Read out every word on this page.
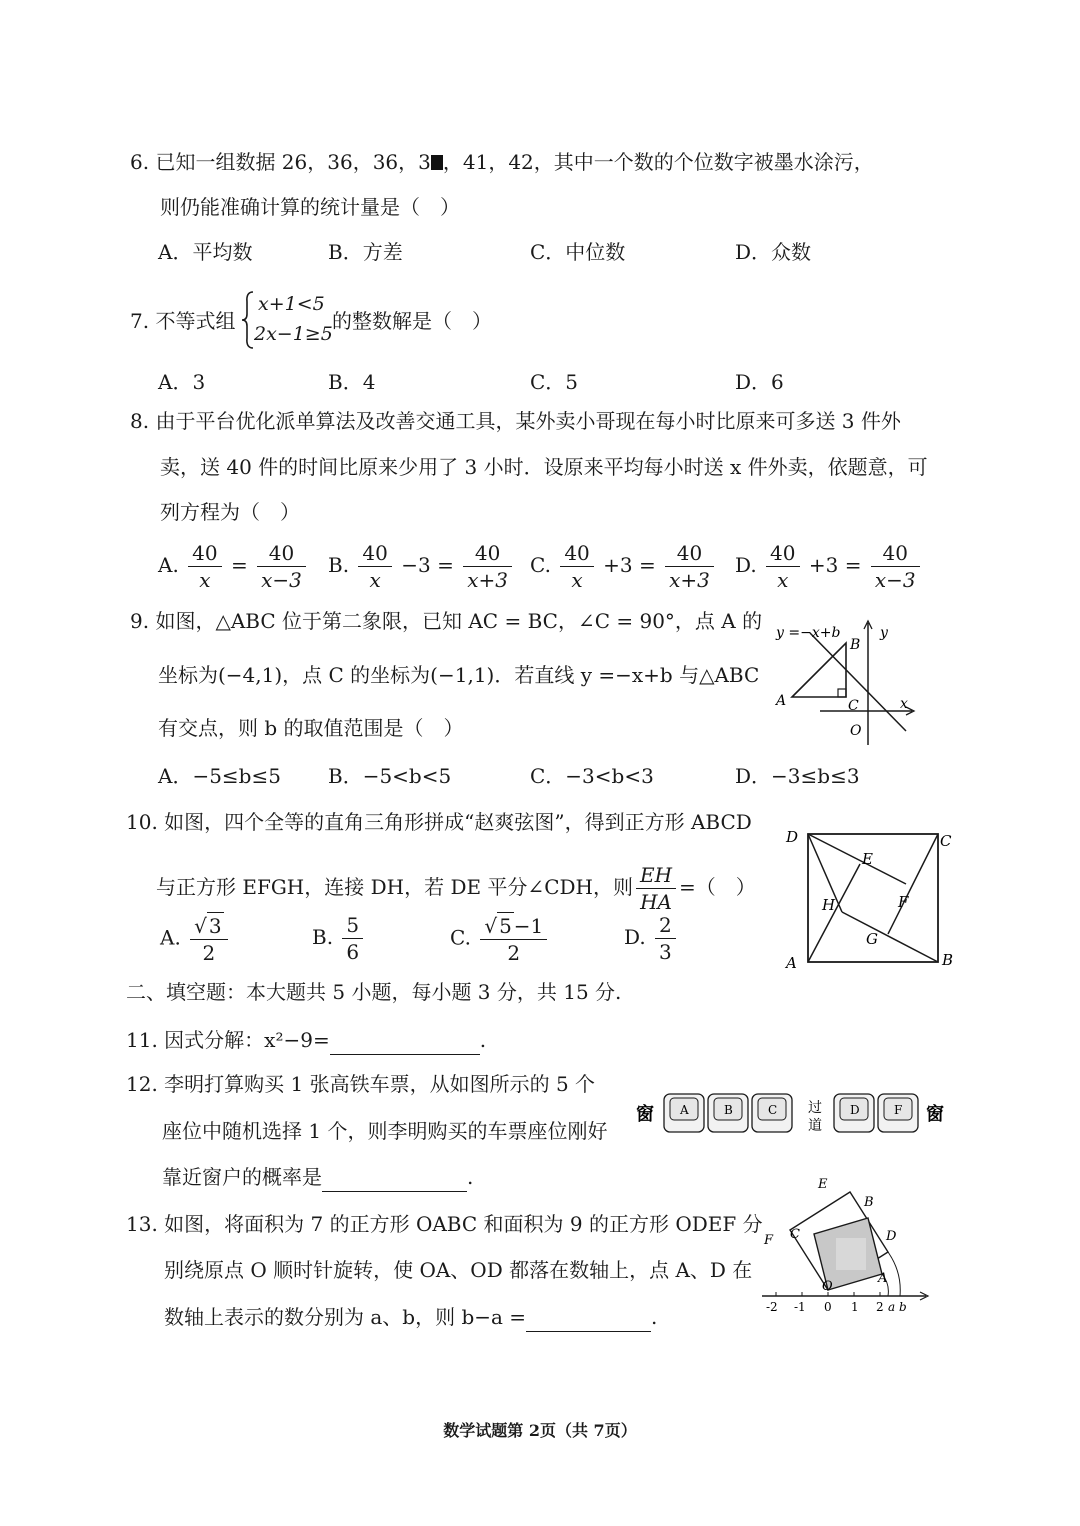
6. 已知一组数据 26，36，36，3 ，41，42，其中一个数的个位数字被墨水涂污，
则仍能准确计算的统计量是（　）
A．平均数	B．方差	C．中位数	D．众数
7. 不等式组
x+1<5
2x−1≥5
的整数解是（　）
A．3	B．4	C．5	D．6
8. 由于平台优化派单算法及改善交通工具，某外卖小哥现在每小时比原来可多送 3 件外
卖，送 40 件的时间比原来少用了 3 小时．设原来平均每小时送 x 件外卖，依题意，可
列方程为（　）
A. $\frac{40}{x} = \frac{40}{x-3} B$. $\frac{40}{x} -3 = \frac{40}{x+3} C$. $\frac{40}{x} +3 = \frac{40}{x+3} D$. $\frac{40}{x} +3 = \frac{40}{x-3}$
9. 如图，△ABC 位于第二象限，已知 AC = BC，∠C = 90°，点 A 的
坐标为(−4,1)，点 C 的坐标为(−1,1)．若直线 y =−x+b 与△ABC
有交点，则 b 的取值范围是（　）
A．−5≤b≤5 B．−5<b<5	C．−3<b<3	D．−3≤b≤3
y =−x+b
B
y
A	C	x
O
10. 如图，四个全等的直角三角形拼成“赵爽弦图”，得到正方形 ABCD
与正方形 EFGH，连接 DH，若 DE 平分∠CDH，则 $\frac{EH}{HA}$ =（　）
A. $\frac{√ 3}{2}$	B. $\frac{5}{6}$	C. $\frac{√ 5 -1}{2}$	D. $\frac{2}{3}$
D	C
E
F
H
G
A	B
二、填空题：本大题共 5 小题，每小题 3 分，共 15 分.
11. 因式分解：x²−9=	.
12. 李明打算购买 1 张高铁车票，从如图所示的 5 个
座位中随机选择 1 个，则李明购买的车票座位刚好
靠近窗户的概率是	.
窗 A	B	C 过
道
D	F 窗
13. 如图，将面积为 7 的正方形 OABC 和面积为 9 的正方形 ODEF 分
别绕原点 O 顺时针旋转，使 OA、OD 都落在数轴上，点 A、D 在
数轴上表示的数分别为 a、b，则 b−a =	.	-2 -1 0 1 2 a b
E
B
F C	D
A
O
数学试题第 2页（共 7页）
